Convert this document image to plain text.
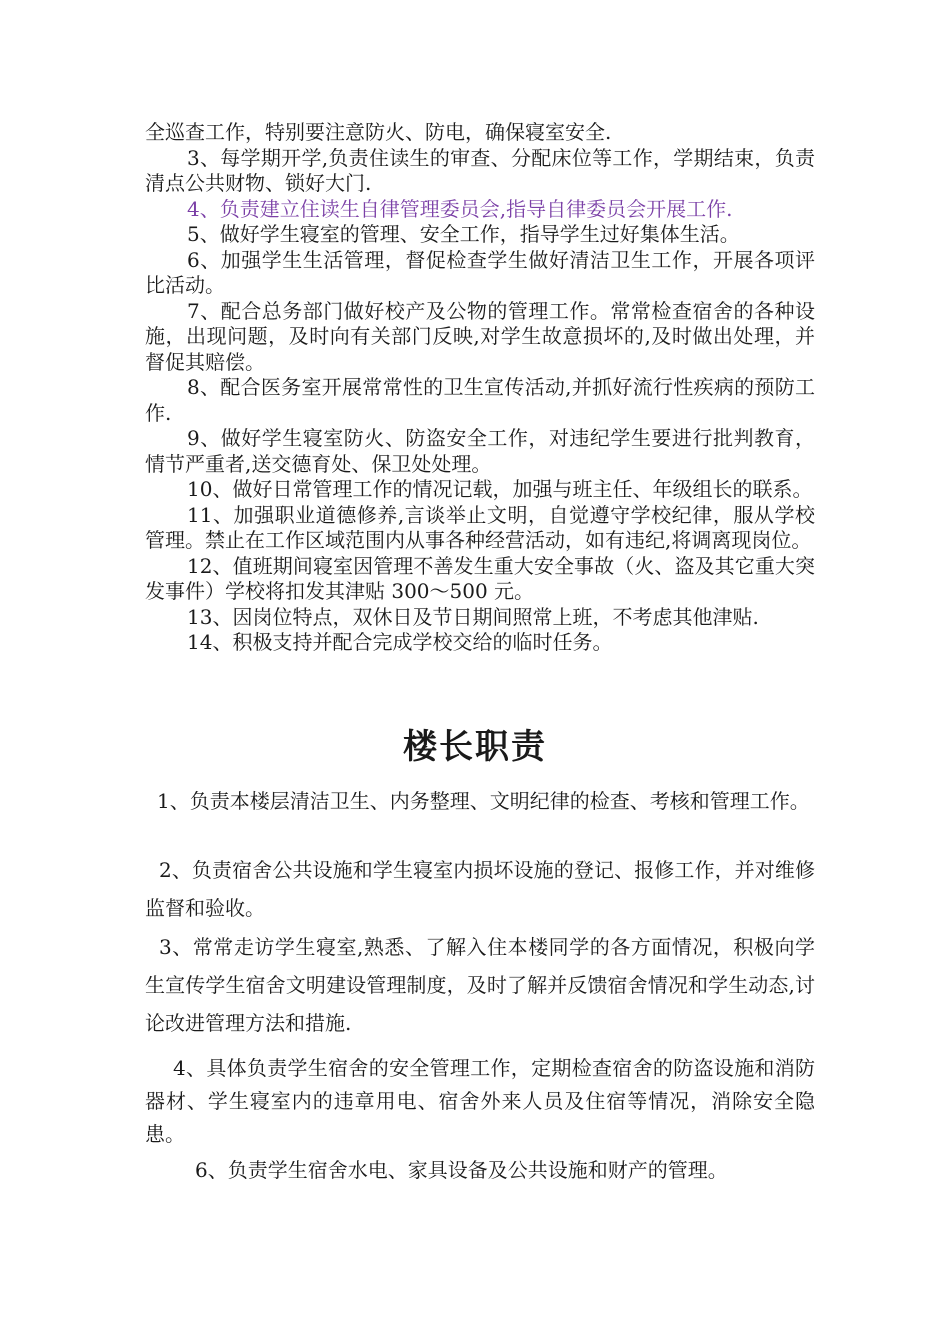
全巡查工作，特别要注意防火、防电，确保寝室安全.

3、每学期开学,负责住读生的审查、分配床位等工作，学期结束，负责清点公共财物、锁好大门.

4、负责建立住读生自律管理委员会,指导自律委员会开展工作.

5、做好学生寝室的管理、安全工作，指导学生过好集体生活。

6、加强学生生活管理，督促检查学生做好清洁卫生工作，开展各项评比活动。

7、配合总务部门做好校产及公物的管理工作。常常检查宿舍的各种设施，出现问题，及时向有关部门反映,对学生故意损坏的,及时做出处理，并督促其赔偿。

8、配合医务室开展常常性的卫生宣传活动,并抓好流行性疾病的预防工作.

9、做好学生寝室防火、防盗安全工作，对违纪学生要进行批判教育，情节严重者,送交德育处、保卫处处理。

10、做好日常管理工作的情况记载，加强与班主任、年级组长的联系。

11、加强职业道德修养,言谈举止文明，自觉遵守学校纪律，服从学校管理。禁止在工作区域范围内从事各种经营活动，如有违纪,将调离现岗位。

12、值班期间寝室因管理不善发生重大安全事故（火、盗及其它重大突发事件）学校将扣发其津贴 300～500 元。

13、因岗位特点，双休日及节日期间照常上班，不考虑其他津贴.

14、积极支持并配合完成学校交给的临时任务。

楼长职责

1、负责本楼层清洁卫生、内务整理、文明纪律的检查、考核和管理工作。

2、负责宿舍公共设施和学生寝室内损坏设施的登记、报修工作，并对维修监督和验收。

3、常常走访学生寝室,熟悉、了解入住本楼同学的各方面情况，积极向学生宣传学生宿舍文明建设管理制度，及时了解并反馈宿舍情况和学生动态,讨论改进管理方法和措施.

4、具体负责学生宿舍的安全管理工作，定期检查宿舍的防盗设施和消防器材、学生寝室内的违章用电、宿舍外来人员及住宿等情况，消除安全隐患。

6、负责学生宿舍水电、家具设备及公共设施和财产的管理。
